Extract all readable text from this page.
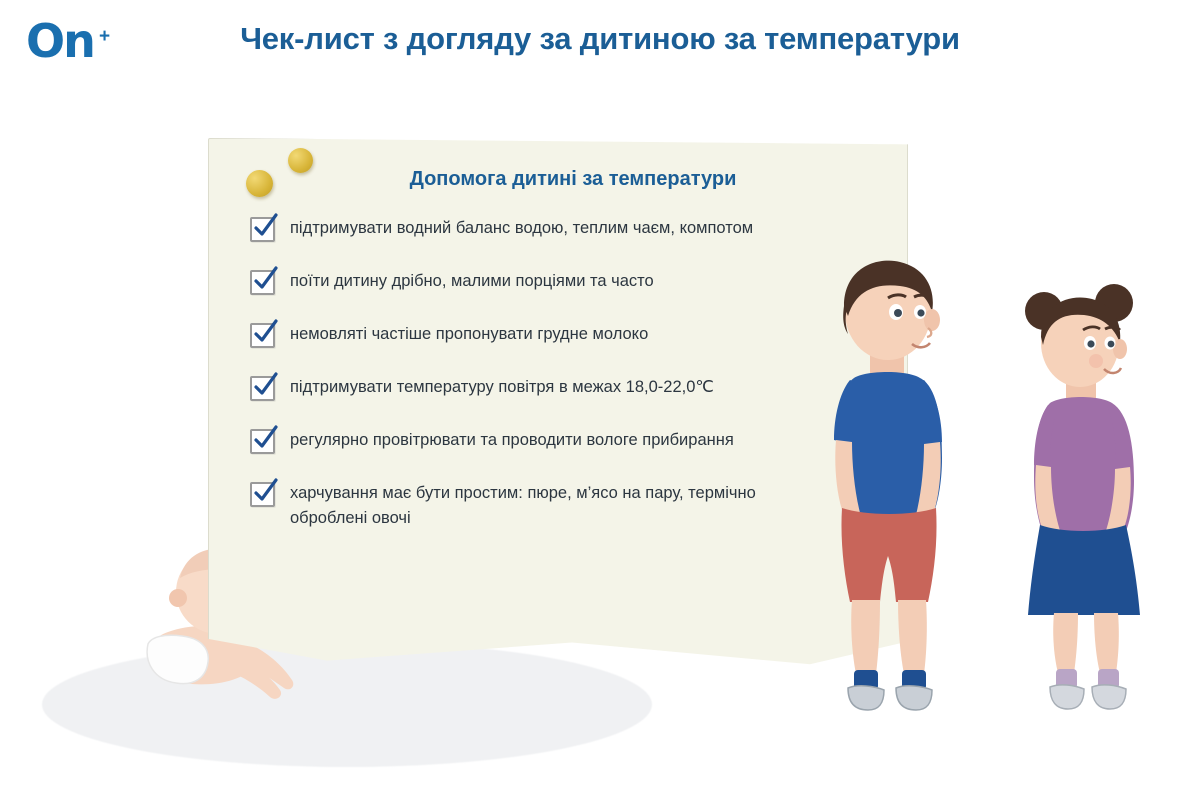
On +	Чек-лист з догляду за дитиною за температури
Допомога дитині за температури
підтримувати водний баланс водою, теплим чаєм, компотом
поїти дитину дрібно, малими порціями та часто
немовляті частіше пропонувати грудне молоко
підтримувати температуру повітря в межах 18,0-22,0℃
регулярно провітрювати та проводити вологе прибирання
харчування має бути простим: пюре, м’ясо на пару, термічно оброблені овочі
